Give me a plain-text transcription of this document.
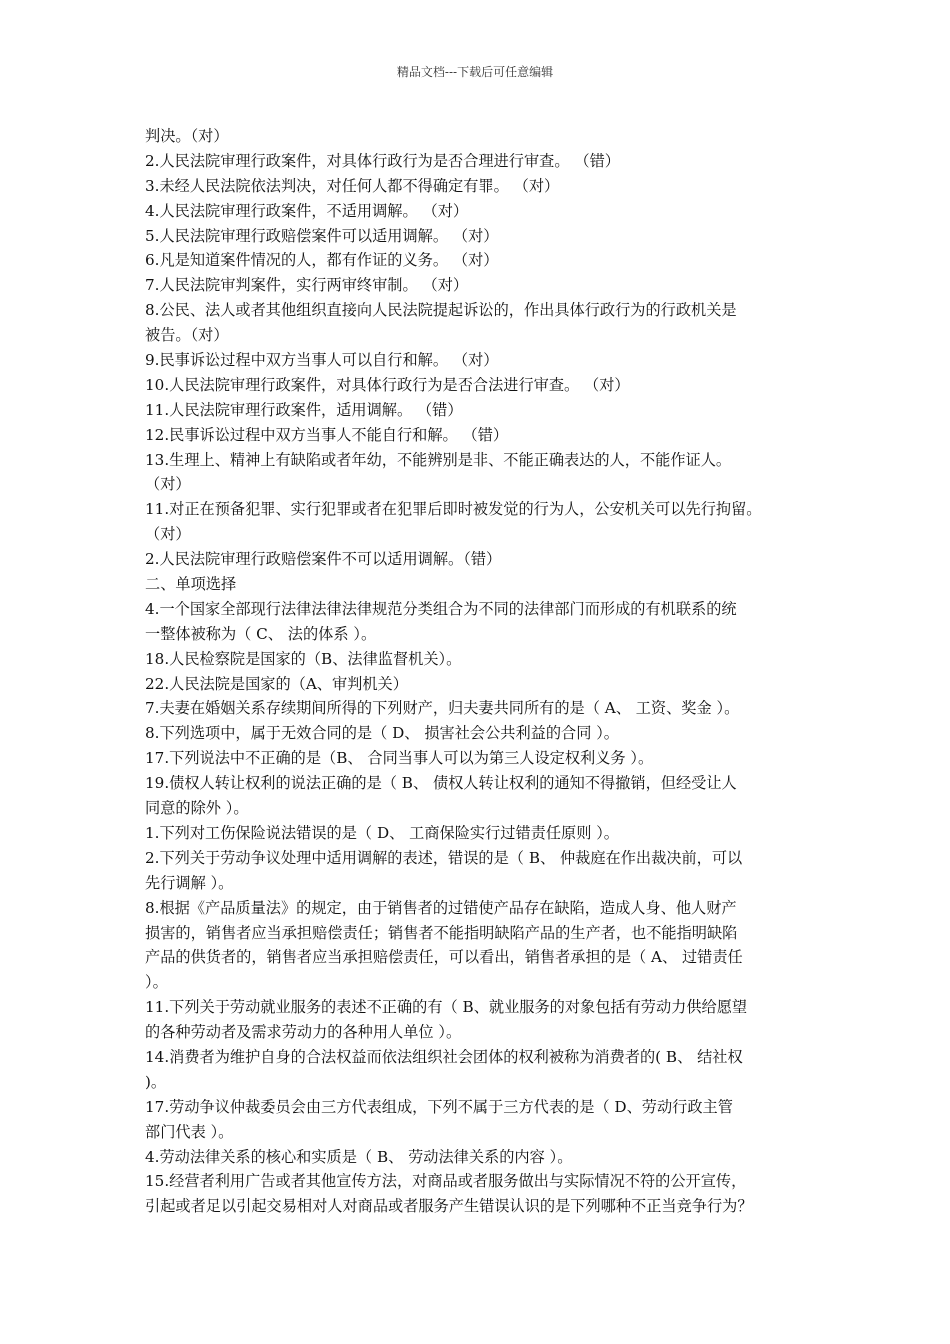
精品文档---下载后可任意编辑
判决。（对）
2.人民法院审理行政案件，对具体行政行为是否合理进行审查。 （错）
3.未经人民法院依法判决，对任何人都不得确定有罪。 （对）
4.人民法院审理行政案件，不适用调解。 （对）
5.人民法院审理行政赔偿案件可以适用调解。 （对）
6.凡是知道案件情况的人，都有作证的义务。 （对）
7.人民法院审判案件，实行两审终审制。 （对）
8.公民、法人或者其他组织直接向人民法院提起诉讼的，作出具体行政行为的行政机关是
被告。（对）
9.民事诉讼过程中双方当事人可以自行和解。 （对）
10.人民法院审理行政案件，对具体行政行为是否合法进行审查。 （对）
11.人民法院审理行政案件，适用调解。 （错）
12.民事诉讼过程中双方当事人不能自行和解。 （错）
13.生理上、精神上有缺陷或者年幼，不能辨别是非、不能正确表达的人，不能作证人。
（对）
11.对正在预备犯罪、实行犯罪或者在犯罪后即时被发觉的行为人，公安机关可以先行拘留。
（对）
2.人民法院审理行政赔偿案件不可以适用调解。（错）
二、单项选择
4.一个国家全部现行法律法律法律规范分类组合为不同的法律部门而形成的有机联系的统
一整体被称为（ C、 法的体系 ）。
18.人民检察院是国家的（B、法律监督机关）。
22.人民法院是国家的（A、审判机关）
7.夫妻在婚姻关系存续期间所得的下列财产，归夫妻共同所有的是（ A、 工资、奖金 ）。
8.下列选项中，属于无效合同的是（ D、 损害社会公共利益的合同 ）。
17.下列说法中不正确的是（B、 合同当事人可以为第三人设定权利义务 ）。
19.债权人转让权利的说法正确的是（ B、 债权人转让权利的通知不得撤销，但经受让人
同意的除外 ）。
1.下列对工伤保险说法错误的是（ D、 工商保险实行过错责任原则 ）。
2.下列关于劳动争议处理中适用调解的表述，错误的是（ B、 仲裁庭在作出裁决前，可以
先行调解 ）。
8.根据《产品质量法》的规定，由于销售者的过错使产品存在缺陷，造成人身、他人财产
损害的，销售者应当承担赔偿责任；销售者不能指明缺陷产品的生产者，也不能指明缺陷
产品的供货者的，销售者应当承担赔偿责任，可以看出，销售者承担的是（ A、 过错责任
）。
11.下列关于劳动就业服务的表述不正确的有（ B、就业服务的对象包括有劳动力供给愿望
的各种劳动者及需求劳动力的各种用人单位 ）。
14.消费者为维护自身的合法权益而依法组织社会团体的权利被称为消费者的( B、 结社权
)。
17.劳动争议仲裁委员会由三方代表组成，下列不属于三方代表的是（ D、劳动行政主管
部门代表 ）。
4.劳动法律关系的核心和实质是（ B、 劳动法律关系的内容 ）。
15.经营者利用广告或者其他宣传方法，对商品或者服务做出与实际情况不符的公开宣传，
引起或者足以引起交易相对人对商品或者服务产生错误认识的是下列哪种不正当竞争行为？
